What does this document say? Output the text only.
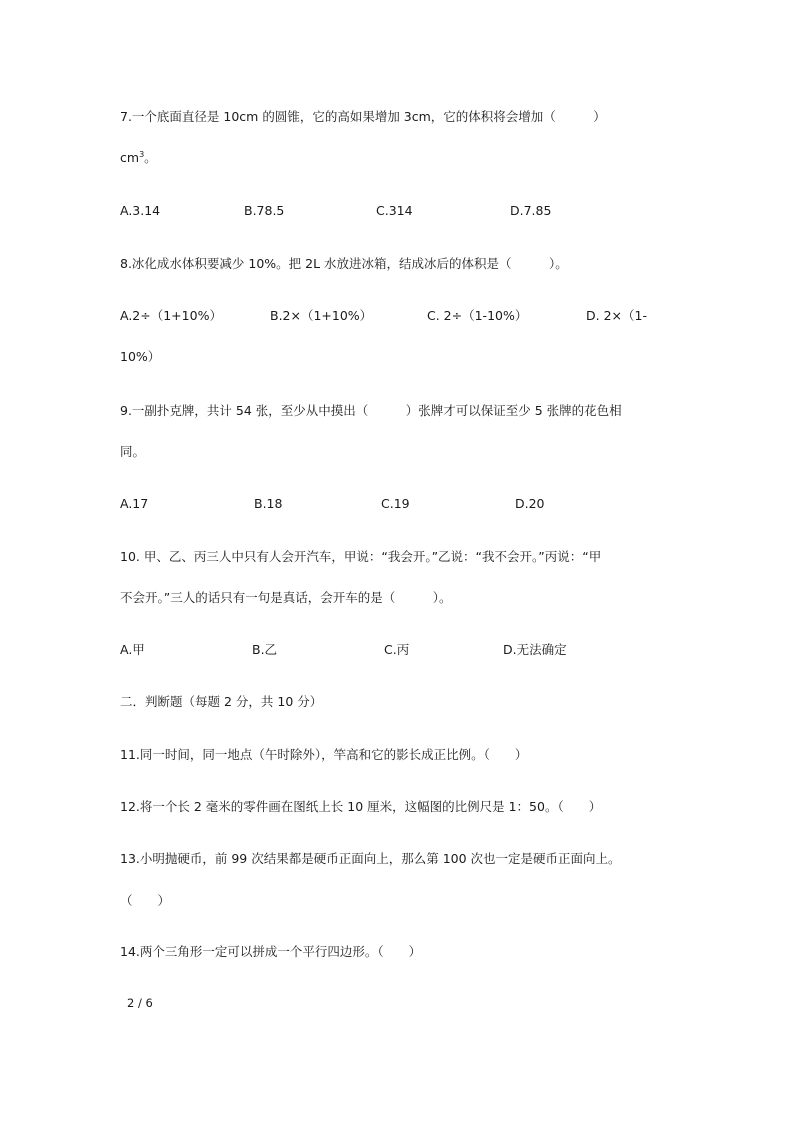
7.一个底面直径是 10cm 的圆锥，它的高如果增加 3cm，它的体积将会增加（　　　）
$cm^3$。
A.3.14	B.78.5	C.314	D.7.85
8.冰化成水体积要减少 10%。把 2L 水放进冰箱，结成冰后的体积是（　　　）。
A.2÷（1+10%）	B.2×（1+10%）	C. 2÷（1-10%）	D. 2×（1-
10%）
9.一副扑克牌，共计 54 张，至少从中摸出（　　　）张牌才可以保证至少 5 张牌的花色相
同。
A.17	B.18	C.19	D.20
10. 甲、乙、丙三人中只有人会开汽车，甲说：“我会开。”乙说：“我不会开。”丙说：“甲
不会开。”三人的话只有一句是真话，会开车的是（　　　）。
A.甲	B.乙	C.丙	D.无法确定
二．判断题（每题 2 分，共 10 分）
11.同一时间，同一地点（午时除外），竿高和它的影长成正比例。（　　）
12.将一个长 2 毫米的零件画在图纸上长 10 厘米，这幅图的比例尺是 1：50。（　　）
13.小明抛硬币，前 99 次结果都是硬币正面向上，那么第 100 次也一定是硬币正面向上。
（　　）
14.两个三角形一定可以拼成一个平行四边形。（　　）
2 / 6
